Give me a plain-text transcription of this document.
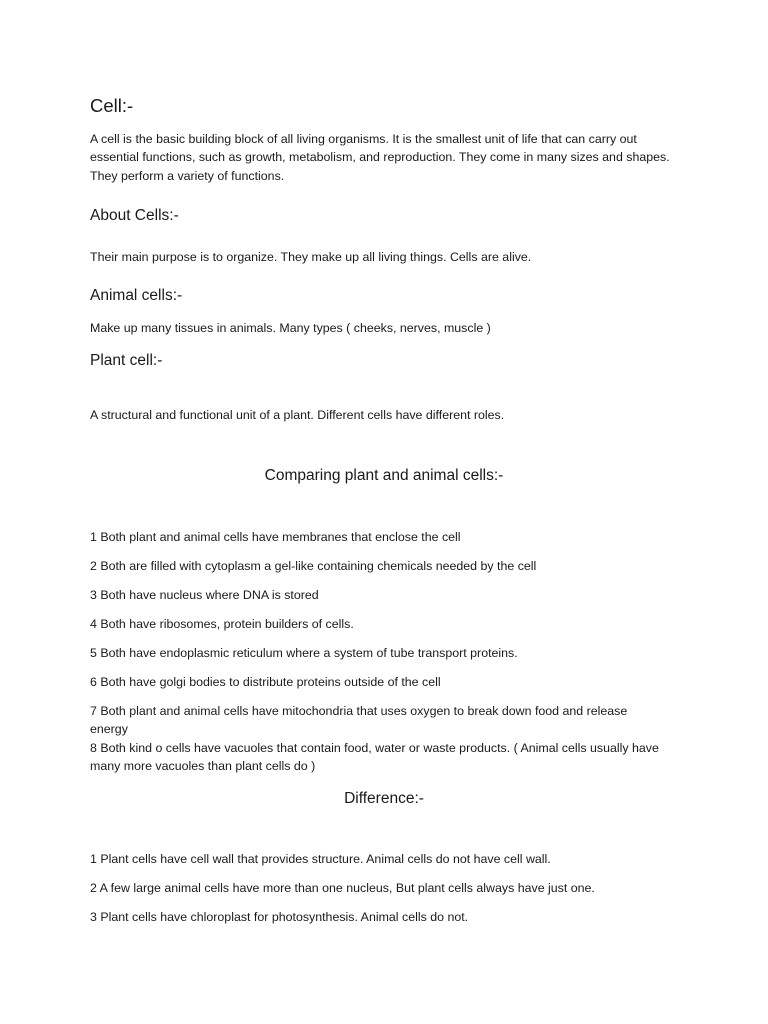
Cell:-

A cell is the basic building block of all living organisms. It is the smallest unit of life that can carry out

essential functions, such as growth, metabolism, and reproduction. They come in many sizes and shapes.

They perform a variety of functions.

About Cells:-

Their main purpose is to organize. They make up all living things. Cells are alive.

Animal cells:-

Make up many tissues in animals. Many types ( cheeks, nerves, muscle )

Plant cell:-

A structural and functional unit of a plant. Different cells have different roles.

Comparing plant and animal cells:-

1 Both plant and animal cells have membranes that enclose the cell

2 Both are filled with cytoplasm a gel-like containing chemicals needed by the cell

3 Both have nucleus where DNA is stored

4 Both have ribosomes, protein builders of cells.

5 Both have endoplasmic reticulum where a system of tube transport proteins.

6 Both have golgi bodies to distribute proteins outside of the cell

7 Both plant and animal cells have mitochondria that uses oxygen to break down food and release

energy

8 Both kind o cells have vacuoles that contain food, water or waste products. ( Animal cells usually have

many more vacuoles than plant cells do )

Difference:-

1 Plant cells have cell wall that provides structure. Animal cells do not have cell wall.

2 A few large animal cells have more than one nucleus, But plant cells always have just one.

3 Plant cells have chloroplast for photosynthesis. Animal cells do not.
